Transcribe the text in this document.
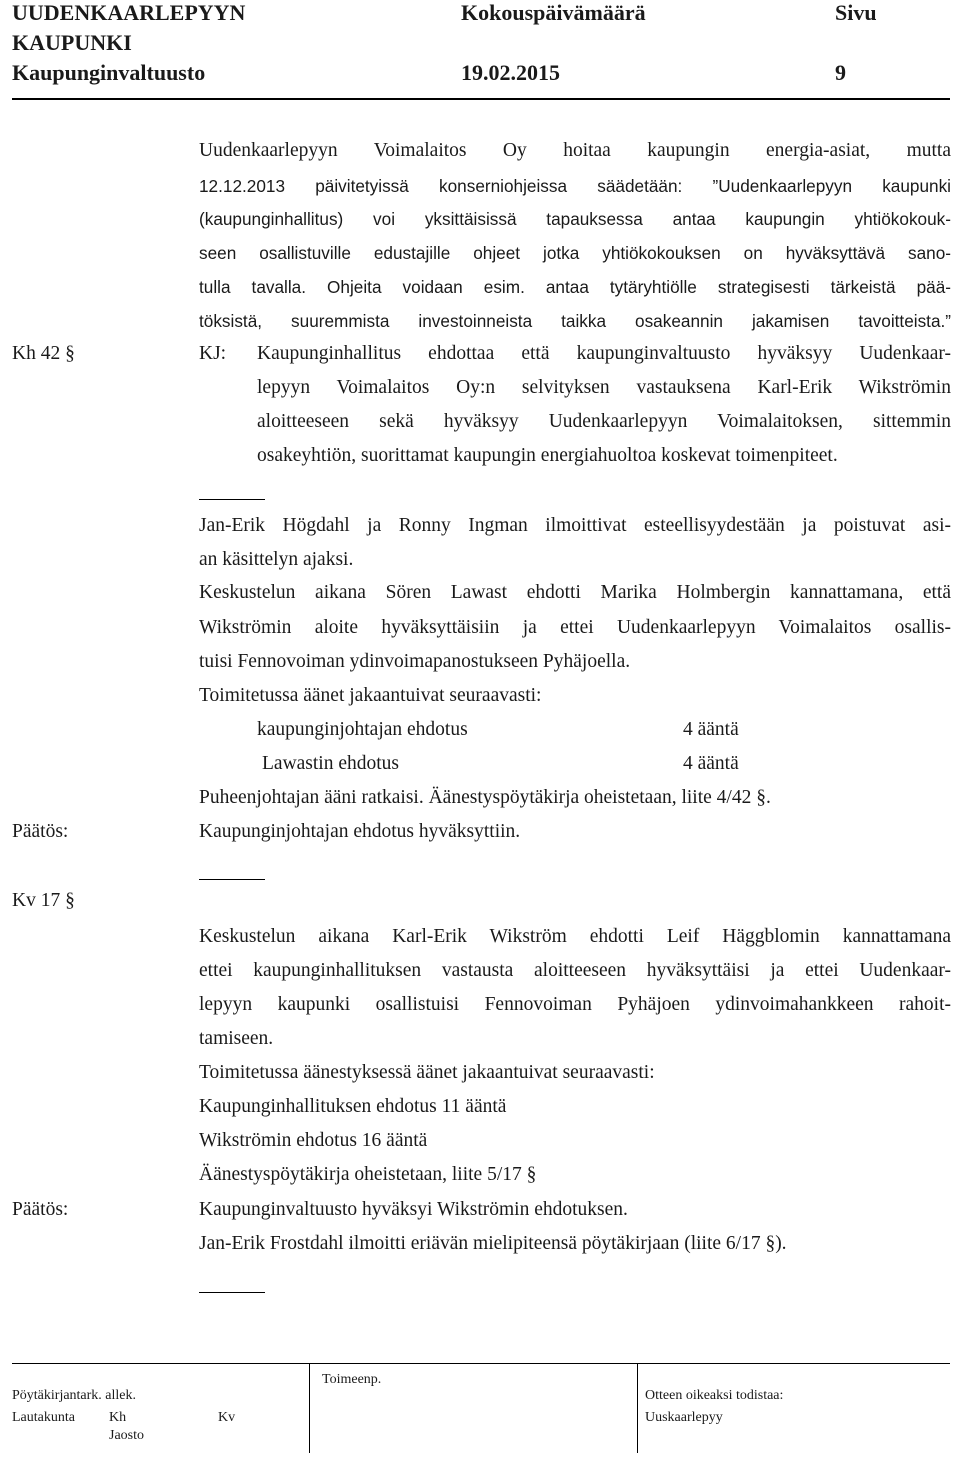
UUDENKAARLEPYYN
KAUPUNKI
Kaupunginvaltuusto
Kokouspäivämäärä
19.02.2015
Sivu
9
Uudenkaarlepyyn Voimalaitos Oy hoitaa kaupungin energia-asiat, mutta
12.12.2013 päivitetyissä konserniohjeissa säädetään: ”Uudenkaarlepyyn kaupunki
(kaupunginhallitus) voi yksittäisissä tapauksessa antaa kaupungin yhtiökokouk-
seen osallistuville edustajille ohjeet jotka yhtiökokouksen on hyväksyttävä sano-
tulla tavalla. Ohjeita voidaan esim. antaa tytäryhtiölle strategisesti tärkeistä pää-
töksistä, suuremmista investoinneista taikka osakeannin jakamisen tavoitteista.”
Kh 42 §	KJ: Kaupunginhallitus ehdottaa että kaupunginvaltuusto hyväksyy Uudenkaar-
lepyyn Voimalaitos Oy:n selvityksen vastauksena Karl-Erik Wikströmin
aloitteeseen sekä hyväksyy Uudenkaarlepyyn Voimalaitoksen, sittemmin
osakeyhtiön, suorittamat kaupungin energiahuoltoa koskevat toimenpiteet.
Jan-Erik Högdahl ja Ronny Ingman ilmoittivat esteellisyydestään ja poistuvat asi-
an käsittelyn ajaksi.
Keskustelun aikana Sören Lawast ehdotti Marika Holmbergin kannattamana, että
Wikströmin aloite hyväksyttäisiin ja ettei Uudenkaarlepyyn Voimalaitos osallis-
tuisi Fennovoiman ydinvoimapanostukseen Pyhäjoella.
Toimitetussa äänet jakaantuivat seuraavasti:
kaupunginjohtajan ehdotus	4 ääntä
Lawastin ehdotus	4 ääntä
Puheenjohtajan ääni ratkaisi. Äänestyspöytäkirja oheistetaan, liite 4/42 §.
Päätös:	Kaupunginjohtajan ehdotus hyväksyttiin.
Kv 17 §
Keskustelun aikana Karl-Erik Wikström ehdotti Leif Häggblomin kannattamana
ettei kaupunginhallituksen vastausta aloitteeseen hyväksyttäisi ja ettei Uudenkaar-
lepyyn kaupunki osallistuisi Fennovoiman Pyhäjoen ydinvoimahankkeen rahoit-
tamiseen.
Toimitetussa äänestyksessä äänet jakaantuivat seuraavasti:
Kaupunginhallituksen ehdotus 11 ääntä
Wikströmin ehdotus 16 ääntä
Äänestyspöytäkirja oheistetaan, liite 5/17 §
Päätös:	Kaupunginvaltuusto hyväksyi Wikströmin ehdotuksen.
Jan-Erik Frostdahl ilmoitti eriävän mielipiteensä pöytäkirjaan (liite 6/17 §).
Pöytäkirjantark. allek.
Lautakunta Kh	Kv
Jaosto
Toimeenp.
Otteen oikeaksi todistaa:
Uuskaarlepyy
